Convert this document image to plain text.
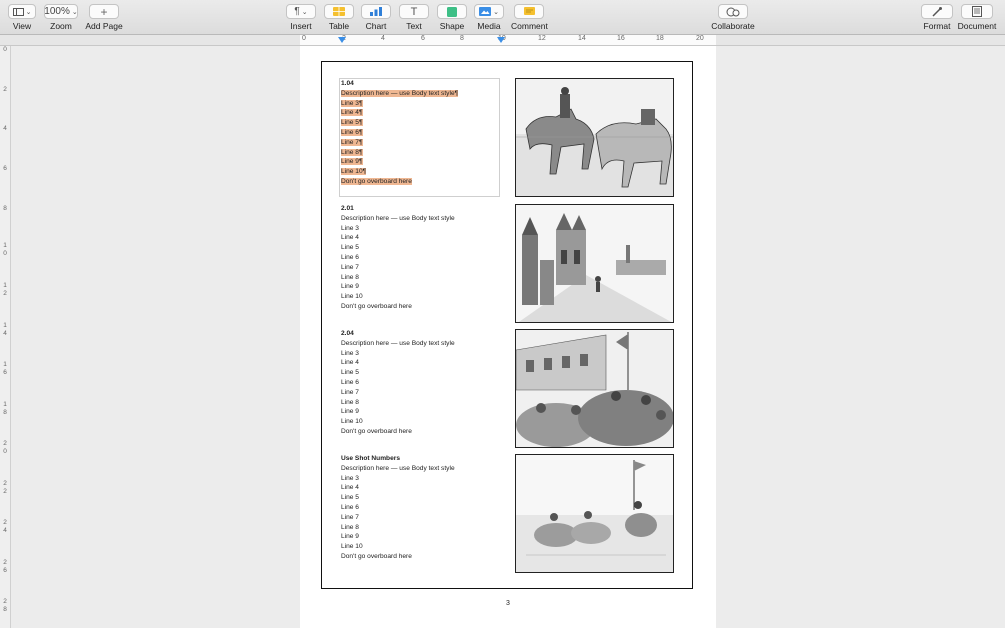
⌄
View
100% ⌄
Zoom
+
Add Page
¶ ⌄
Insert	Table	Chart
T
Text	Shape
⌄
Media	Comment	Collaborate	Format Document
0	2	4	6	8	10	12	14	16	18	20
0
2
4
6
8
1
0
1
2
1
4
1
6
1
8
2
0
2
2
2
4
2
6
2
8
1.04
Description here — use Body text style¶
Line 3¶
Line 4¶
Line 5¶
Line 6¶
Line 7¶
Line 8¶
Line 9¶
Line 10¶
Don't go overboard here
2.01
Description here — use Body text style
Line 3
Line 4
Line 5
Line 6
Line 7
Line 8
Line 9
Line 10
Don't go overboard here
2.04
Description here — use Body text style
Line 3
Line 4
Line 5
Line 6
Line 7
Line 8
Line 9
Line 10
Don't go overboard here
Use Shot Numbers
Description here — use Body text style
Line 3
Line 4
Line 5
Line 6
Line 7
Line 8
Line 9
Line 10
Don't go overboard here
3
